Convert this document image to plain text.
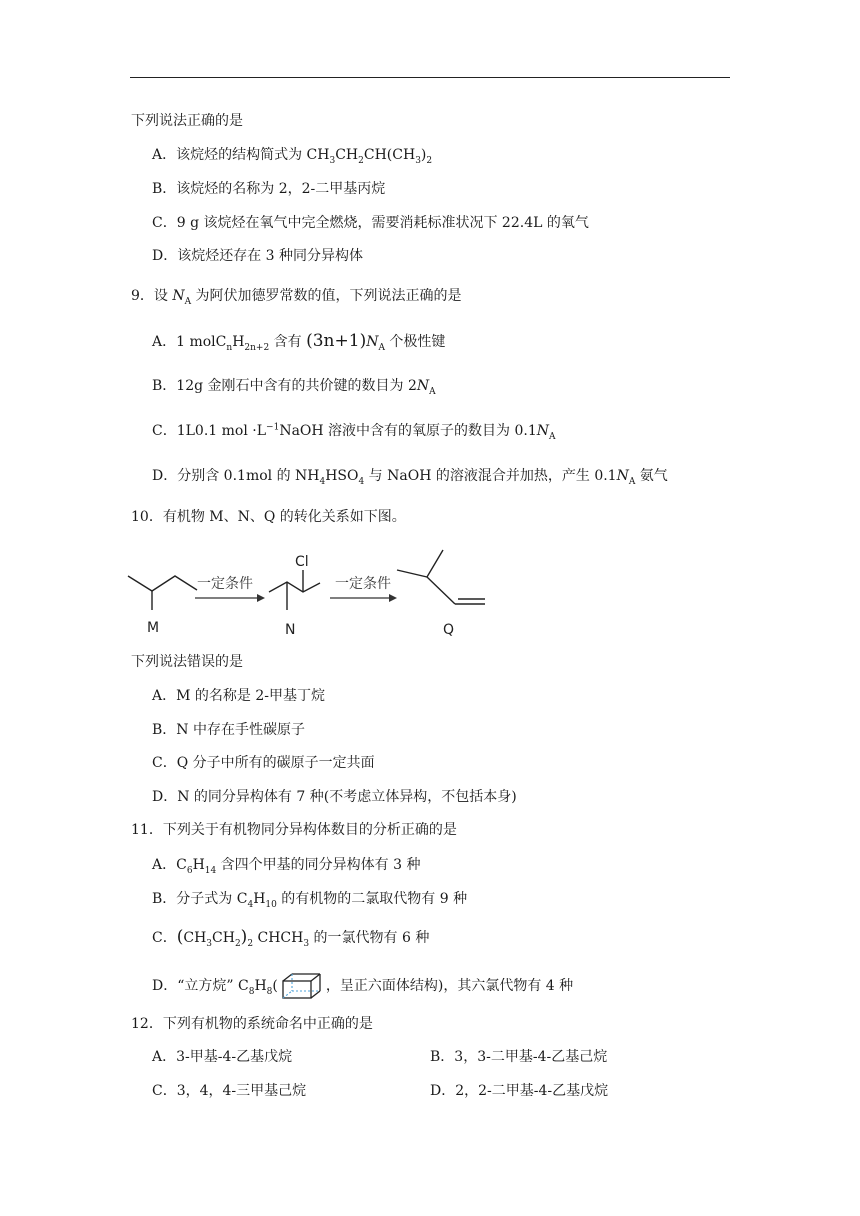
下列说法正确的是
A．该烷烃的结构简式为 $CH_3CH_2CH(CH_3)_2$
B．该烷烃的名称为 2，2-二甲基丙烷
C．9 g 该烷烃在氧气中完全燃烧，需要消耗标准状况下 22.4L 的氧气
D．该烷烃还存在 3 种同分异构体
9．设 $N_A$ 为阿伏加德罗常数的值，下列说法正确的是
A．1 $molC_nH_{2n+2}$ 含有 $(3n+1)N_A$ 个极性键
B．12g 金刚石中含有的共价键的数目为 $2N_A$
C．1L0.1 mol $\cdot L^{-1}NaOH$ 溶液中含有的氧原子的数目为 $0.1N_A$
D．分别含 0.1mol 的 $NH_4HSO_4$ 与 NaOH 的溶液混合并加热，产生 $0.1N_A$ 氨气
10．有机物 M、N、Q 的转化关系如下图。
M
一定条件
Cl
N
一定条件
Q
下列说法错误的是
A．M 的名称是 2-甲基丁烷
B．N 中存在手性碳原子
C．Q 分子中所有的碳原子一定共面
D．N 的同分异构体有 7 种(不考虑立体异构，不包括本身)
11．下列关于有机物同分异构体数目的分析正确的是
A．$C_6H_{14}$ 含四个甲基的同分异构体有 3 种
B．分子式为 $C_4H_{10}$ 的有机物的二氯取代物有 9 种
C．$(CH_3CH_2)_2$ $CHCH_3$ 的一氯代物有 6 种
D．“立方烷” $C_8H_8$(	，呈正六面体结构)，其六氯代物有 4 种
12．下列有机物的系统命名中正确的是
A．3-甲基-4-乙基戊烷	B．3，3-二甲基-4-乙基己烷
C．3，4，4-三甲基己烷	D．2，2-二甲基-4-乙基戊烷
